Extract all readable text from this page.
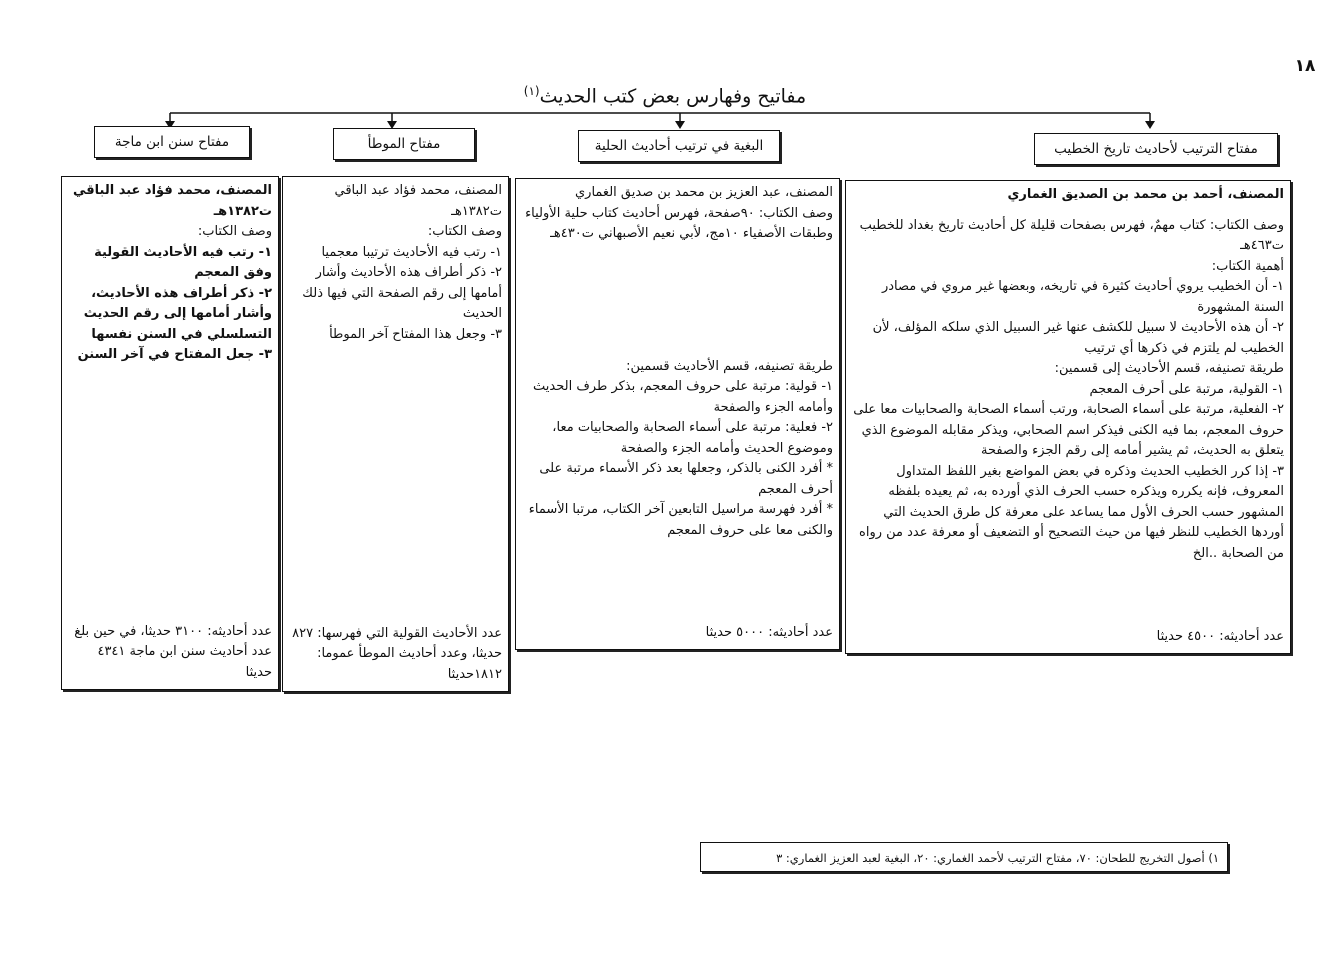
١٨
مفاتيح وفهارس بعض كتب الحديث$^{(١)}$
مفتاح الترتيب لأحاديث تاريخ الخطيب
البغية في ترتيب أحاديث الحلية
مفتاح الموطأ
مفتاح سنن ابن ماجة

المصنف، أحمد بن محمد بن الصديق الغماري

وصف الكتاب: كتاب مهمٌ، فهرس بصفحات قليلة كل أحاديث تاريخ بغداد للخطيب ت٤٦٣هـ

أهمية الكتاب:

١- أن الخطيب يروي أحاديث كثيرة في تاريخه، وبعضها غير مروي في مصادر السنة المشهورة

٢- أن هذه الأحاديث لا سبيل للكشف عنها غير السبيل الذي سلكه المؤلف، لأن الخطيب لم يلتزم في ذكرها أي ترتيب

طريقة تصنيفه، قسم الأحاديث إلى قسمين:

١- القولية، مرتبة على أحرف المعجم

٢- الفعلية، مرتبة على أسماء الصحابة، ورتب أسماء الصحابة والصحابيات معا على حروف المعجم، بما فيه الكنى فيذكر اسم الصحابي، ويذكر مقابله الموضوع الذي يتعلق به الحديث، ثم يشير أمامه إلى رقم الجزء والصفحة

٣- إذا كرر الخطيب الحديث وذكره في بعض المواضع بغير اللفظ المتداول المعروف، فإنه يكرره ويذكره حسب الحرف الذي أورده به، ثم يعيده بلفظه المشهور حسب الحرف الأول مما يساعد على معرفة كل طرق الحديث التي أوردها الخطيب للنظر فيها من حيث التصحيح أو التضعيف أو معرفة عدد من رواه من الصحابة ..الخ

عدد أحاديثه: ٤٥٠٠ حديثا

المصنف، عبد العزيز بن محمد بن صديق الغماري

وصف الكتاب: ٩٠صفحة، فهرس أحاديث كتاب حلية الأولياء وطبقات الأصفياء ١٠مج، لأبي نعيم الأصبهاني ت٤٣٠هـ

طريقة تصنيفه، قسم الأحاديث قسمين:

١- قولية: مرتبة على حروف المعجم، بذكر طرف الحديث وأمامه الجزء والصفحة

٢- فعلية: مرتبة على أسماء الصحابة والصحابيات معا، وموضوع الحديث وأمامه الجزء والصفحة

* أفرد الكنى بالذكر، وجعلها بعد ذكر الأسماء مرتبة على أحرف المعجم

* أفرد فهرسة مراسيل التابعين آخر الكتاب، مرتبا الأسماء والكنى معا على حروف المعجم

عدد أحاديثه: ٥٠٠٠ حديثا

المصنف، محمد فؤاد عبد الباقي ت١٣٨٢هـ

وصف الكتاب:

١- رتب فيه الأحاديث ترتيبا معجميا

٢- ذكر أطراف هذه الأحاديث وأشار أمامها إلى رقم الصفحة التي فيها ذلك الحديث

٣- وجعل هذا المفتاح آخر الموطأ

عدد الأحاديث القولية التي فهرسها: ٨٢٧ حديثا، وعدد أحاديث الموطأ عموما: ١٨١٢حديثا

المصنف، محمد فؤاد عبد الباقي ت١٣٨٢هـ

وصف الكتاب:

١- رتب فيه الأحاديث القولية وفق المعجم

٢- ذكر أطراف هذه الأحاديث، وأشار أمامها إلى رقم الحديث التسلسلي في السنن نفسها

٣- جعل المفتاح في آخر السنن

عدد أحاديثه: ٣١٠٠ حديثا، في حين بلغ عدد أحاديث سنن ابن ماجة ٤٣٤١ حديثا

١) أصول التخريج للطحان: ٧٠، مفتاح الترتيب لأحمد الغماري: ٢٠، البغية لعبد العزيز الغماري: ٣
